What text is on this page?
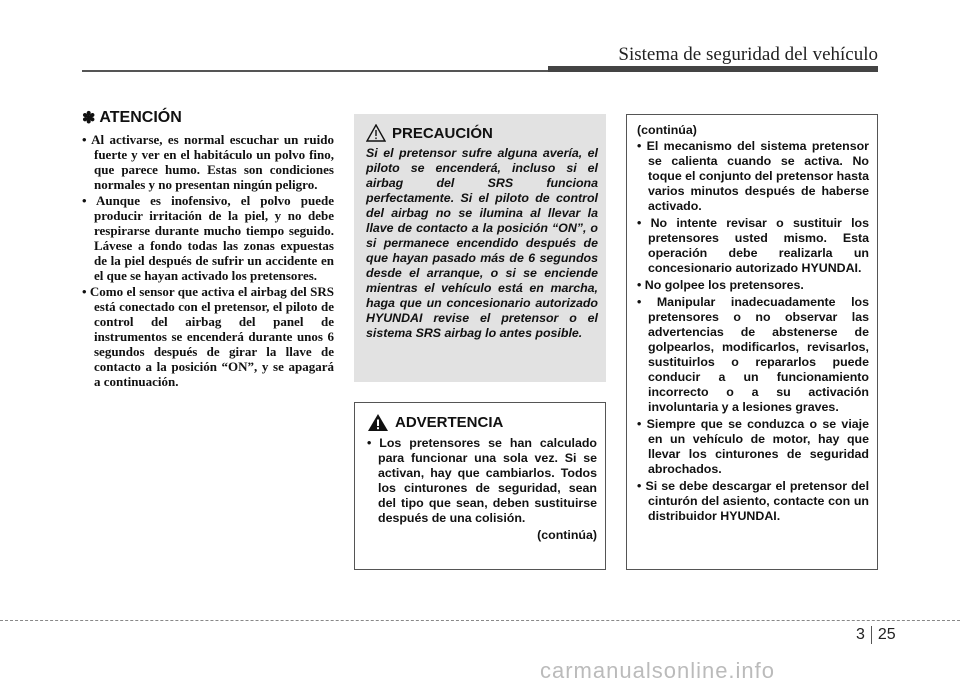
Sistema de seguridad del vehículo
✽ ATENCIÓN
• Al activarse, es normal escuchar un ruido fuerte y ver en el habitáculo un polvo fino, que parece humo. Estas son condiciones normales y no presentan ningún peligro.
• Aunque es inofensivo, el polvo puede producir irritación de la piel, y no debe respirarse durante mucho tiempo seguido. Lávese a fondo todas las zonas expuestas de la piel después de sufrir un accidente en el que se hayan activado los pretensores.
• Como el sensor que activa el airbag del SRS está conectado con el pretensor, el piloto de control del airbag del panel de instrumentos se encenderá durante unos 6 segundos después de girar la llave de contacto a la posición “ON”, y se apagará a continuación.
PRECAUCIÓN

Si el pretensor sufre alguna avería, el piloto se encenderá, incluso si el airbag del SRS funciona perfectamente. Si el piloto de control del airbag no se ilumina al llevar la llave de contacto a la posición “ON”, o si permanece encendido después de que hayan pasado más de 6 segundos desde el arranque, o si se enciende mientras el vehículo está en marcha, haga que un concesionario autorizado HYUNDAI revise el pretensor o el sistema SRS airbag lo antes posible.

ADVERTENCIA
• Los pretensores se han calculado para funcionar una sola vez. Si se activan, hay que cambiarlos. Todos los cinturones de seguridad, sean del tipo que sean, deben sustituirse después de una colisión.
(continúa)
(continúa)
• El mecanismo del sistema pretensor se calienta cuando se activa. No toque el conjunto del pretensor hasta varios minutos después de haberse activado.
• No intente revisar o sustituir los pretensores usted mismo. Esta operación debe realizarla un concesionario autorizado HYUNDAI.
• No golpee los pretensores.
• Manipular inadecuadamente los pretensores o no observar las advertencias de abstenerse de golpearlos, modificarlos, revisarlos, sustituirlos o repararlos puede conducir a un funcionamiento incorrecto o a su activación involuntaria y a lesiones graves.
• Siempre que se conduzca o se viaje en un vehículo de motor, hay que llevar los cinturones de seguridad abrochados.
• Si se debe descargar el pretensor del cinturón del asiento, contacte con un distribuidor HYUNDAI.
3 25
carmanualsonline.info
